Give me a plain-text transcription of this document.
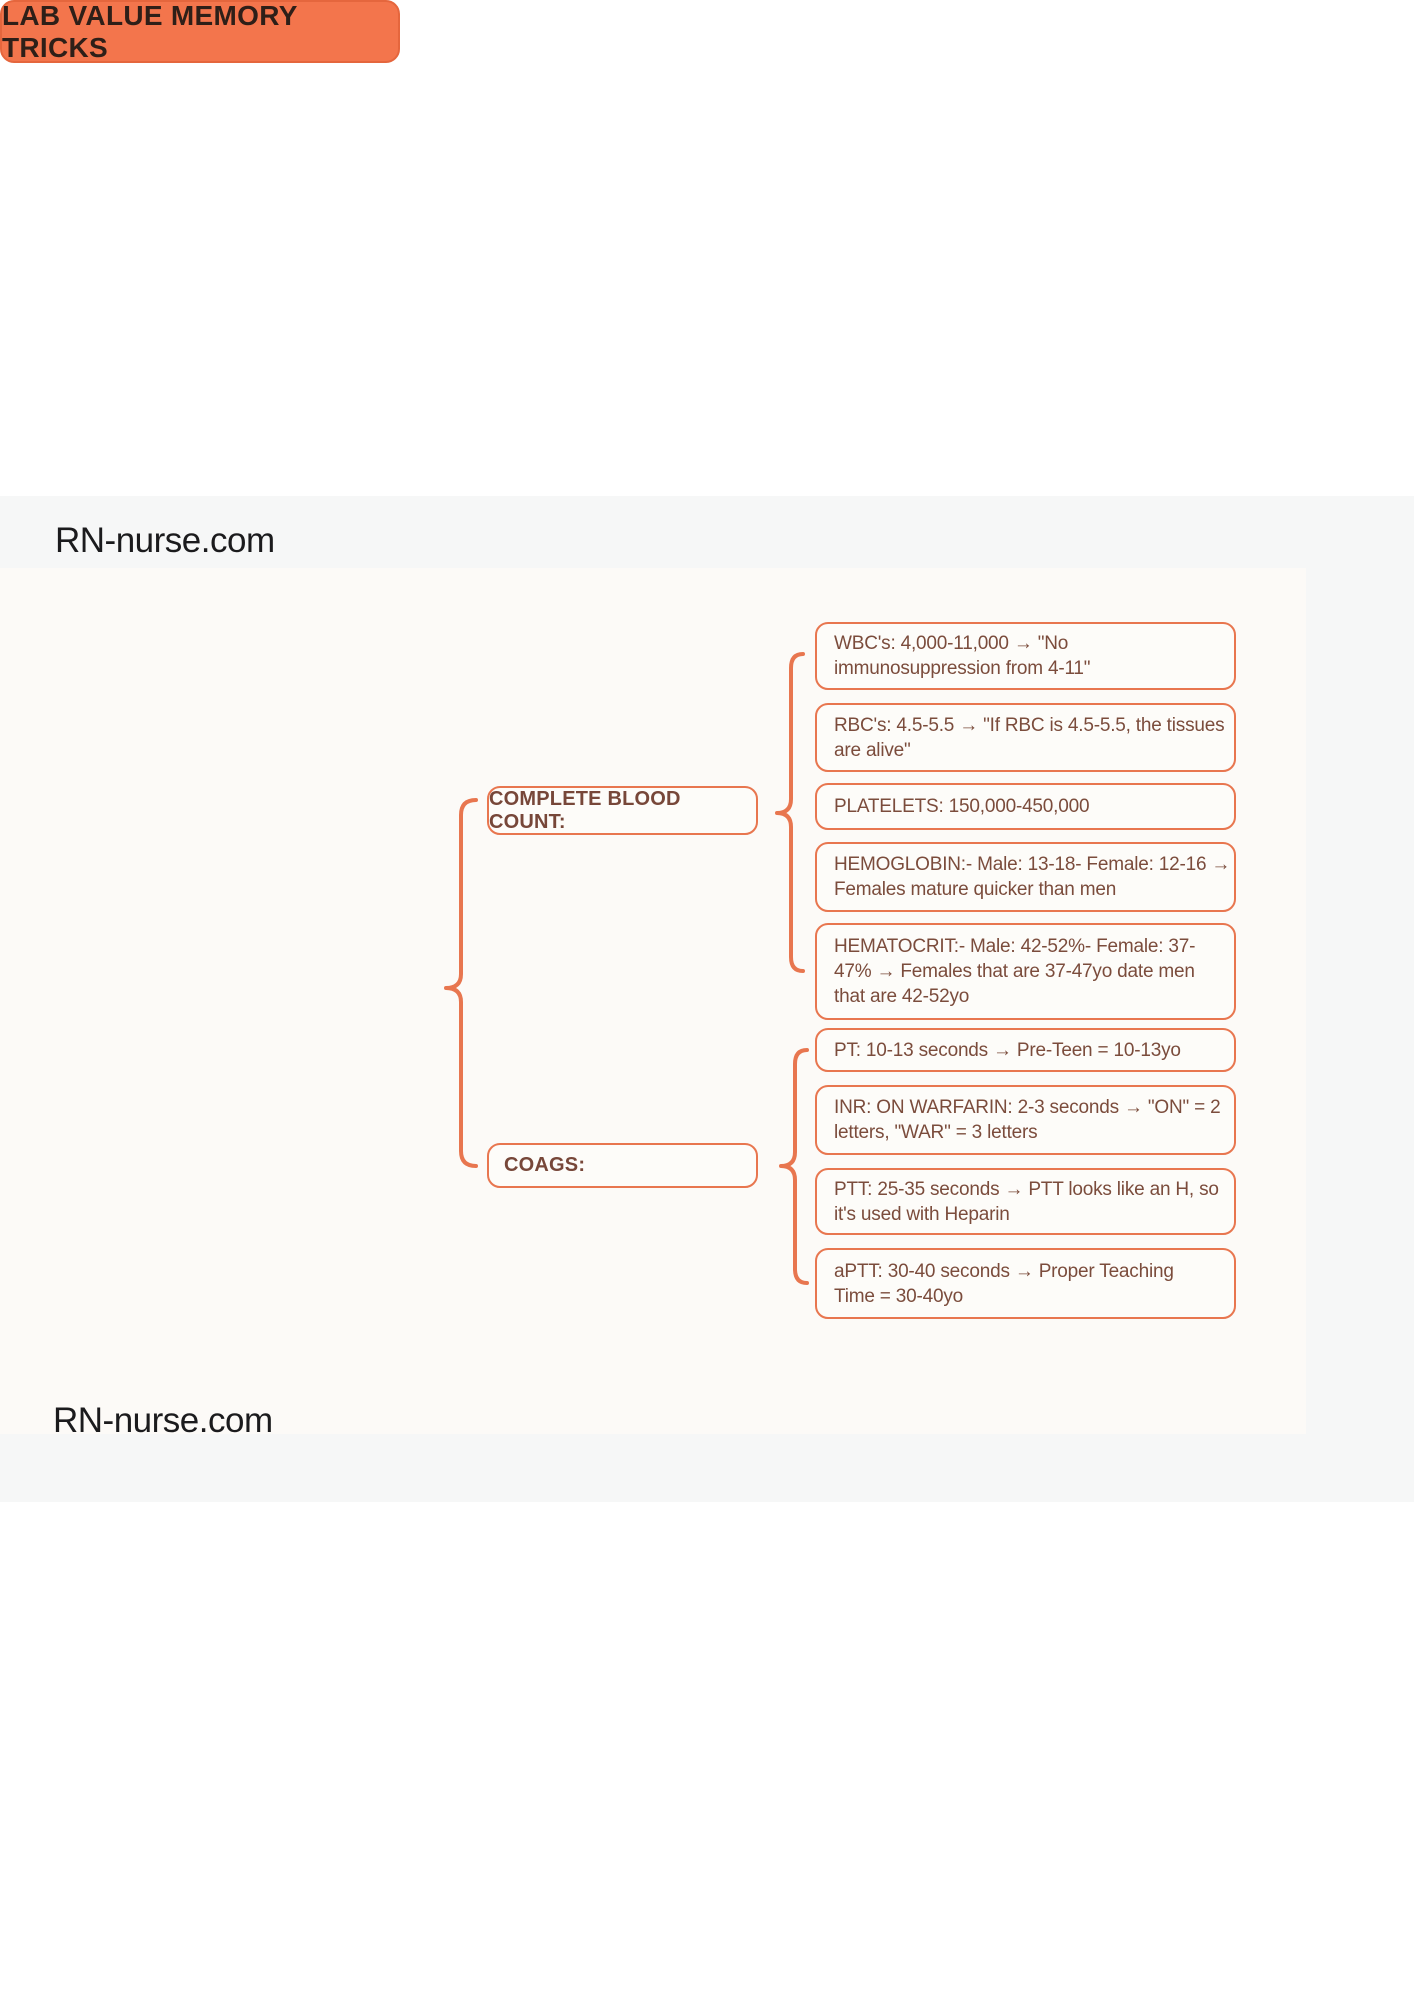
RN-nurse.com
LAB VALUE MEMORY TRICKS
COMPLETE BLOOD COUNT:
COAGS:
WBC's: 4,000-11,000 → "No
immunosuppression from 4-11"
RBC's: 4.5-5.5 → "If RBC is 4.5-5.5, the tissues
are alive"
PLATELETS: 150,000-450,000
HEMOGLOBIN:- Male: 13-18- Female: 12-16 →
Females mature quicker than men
HEMATOCRIT:- Male: 42-52%- Female: 37-
47% → Females that are 37-47yo date men
that are 42-52yo
PT: 10-13 seconds → Pre-Teen = 10-13yo
INR: ON WARFARIN: 2-3 seconds → "ON" = 2
letters, "WAR" = 3 letters
PTT: 25-35 seconds → PTT looks like an H, so
it's used with Heparin
aPTT: 30-40 seconds → Proper Teaching
Time = 30-40yo
RN-nurse.com
